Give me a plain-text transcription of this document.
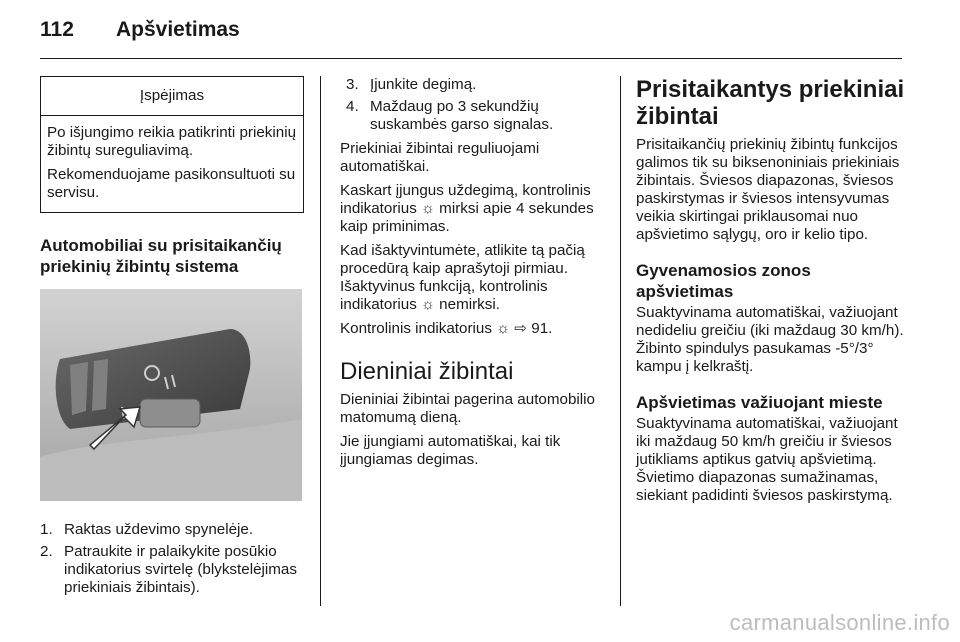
112 Apšvietimas
Įspėjimas

Po išjungimo reikia patikrinti priekinių žibintų sureguliavimą.

Rekomenduojame pasikonsultuoti su servisu.

Automobiliai su prisitaikančių priekinių žibintų sistema
1. Raktas uždevimo spynelėje.
2. Patraukite ir palaikykite posūkio indikatorius svirtelę (blykstelėjimas priekiniais žibintais).
3. Įjunkite degimą.
4. Maždaug po 3 sekundžių suskambės garso signalas.

Priekiniai žibintai reguliuojami automatiškai.

Kaskart įjungus uždegimą, kontrolinis indikatorius ☼ mirksi apie 4 sekundes kaip priminimas.

Kad išaktyvintumėte, atlikite tą pačią procedūrą kaip aprašytoji pirmiau.

Išaktyvinus funkciją, kontrolinis indikatorius ☼ nemirksi.

Kontrolinis indikatorius ☼ ⇨ 91.

Dieniniai žibintai

Dieniniai žibintai pagerina automobilio matomumą dieną.

Jie įjungiami automatiškai, kai tik įjungiamas degimas.

Prisitaikantys priekiniai žibintai

Prisitaikančių priekinių žibintų funkcijos galimos tik su biksenoniniais priekiniais žibintais. Šviesos diapazonas, šviesos paskirstymas ir šviesos intensyvumas veikia skirtingai priklausomai nuo apšvietimo sąlygų, oro ir kelio tipo.

Gyvenamosios zonos apšvietimas

Suaktyvinama automatiškai, važiuojant nedideliu greičiu (iki maždaug 30 km/h). Žibinto spindulys pasukamas -5°/3° kampu į kelkraštį.

Apšvietimas važiuojant mieste

Suaktyvinama automatiškai, važiuojant iki maždaug 50 km/h greičiu ir šviesos jutikliams aptikus gatvių apšvietimą. Švietimo diapazonas sumažinamas, siekiant padidinti šviesos paskirstymą.

carmanualsonline.info
